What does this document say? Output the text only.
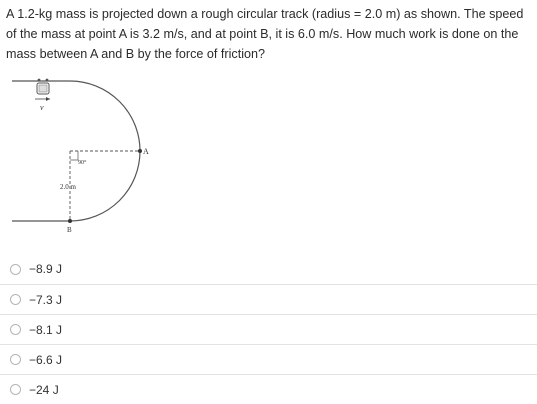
A 1.2-kg mass is projected down a rough circular track (radius = 2.0 m) as shown. The speed of the mass at point A is 3.2 m/s, and at point B, it is 6.0 m/s. How much work is done on the mass between A and B by the force of friction?

v
A
B
90°
2.0 m
−8.9 J
−7.3 J
−8.1 J
−6.6 J
−24 J
